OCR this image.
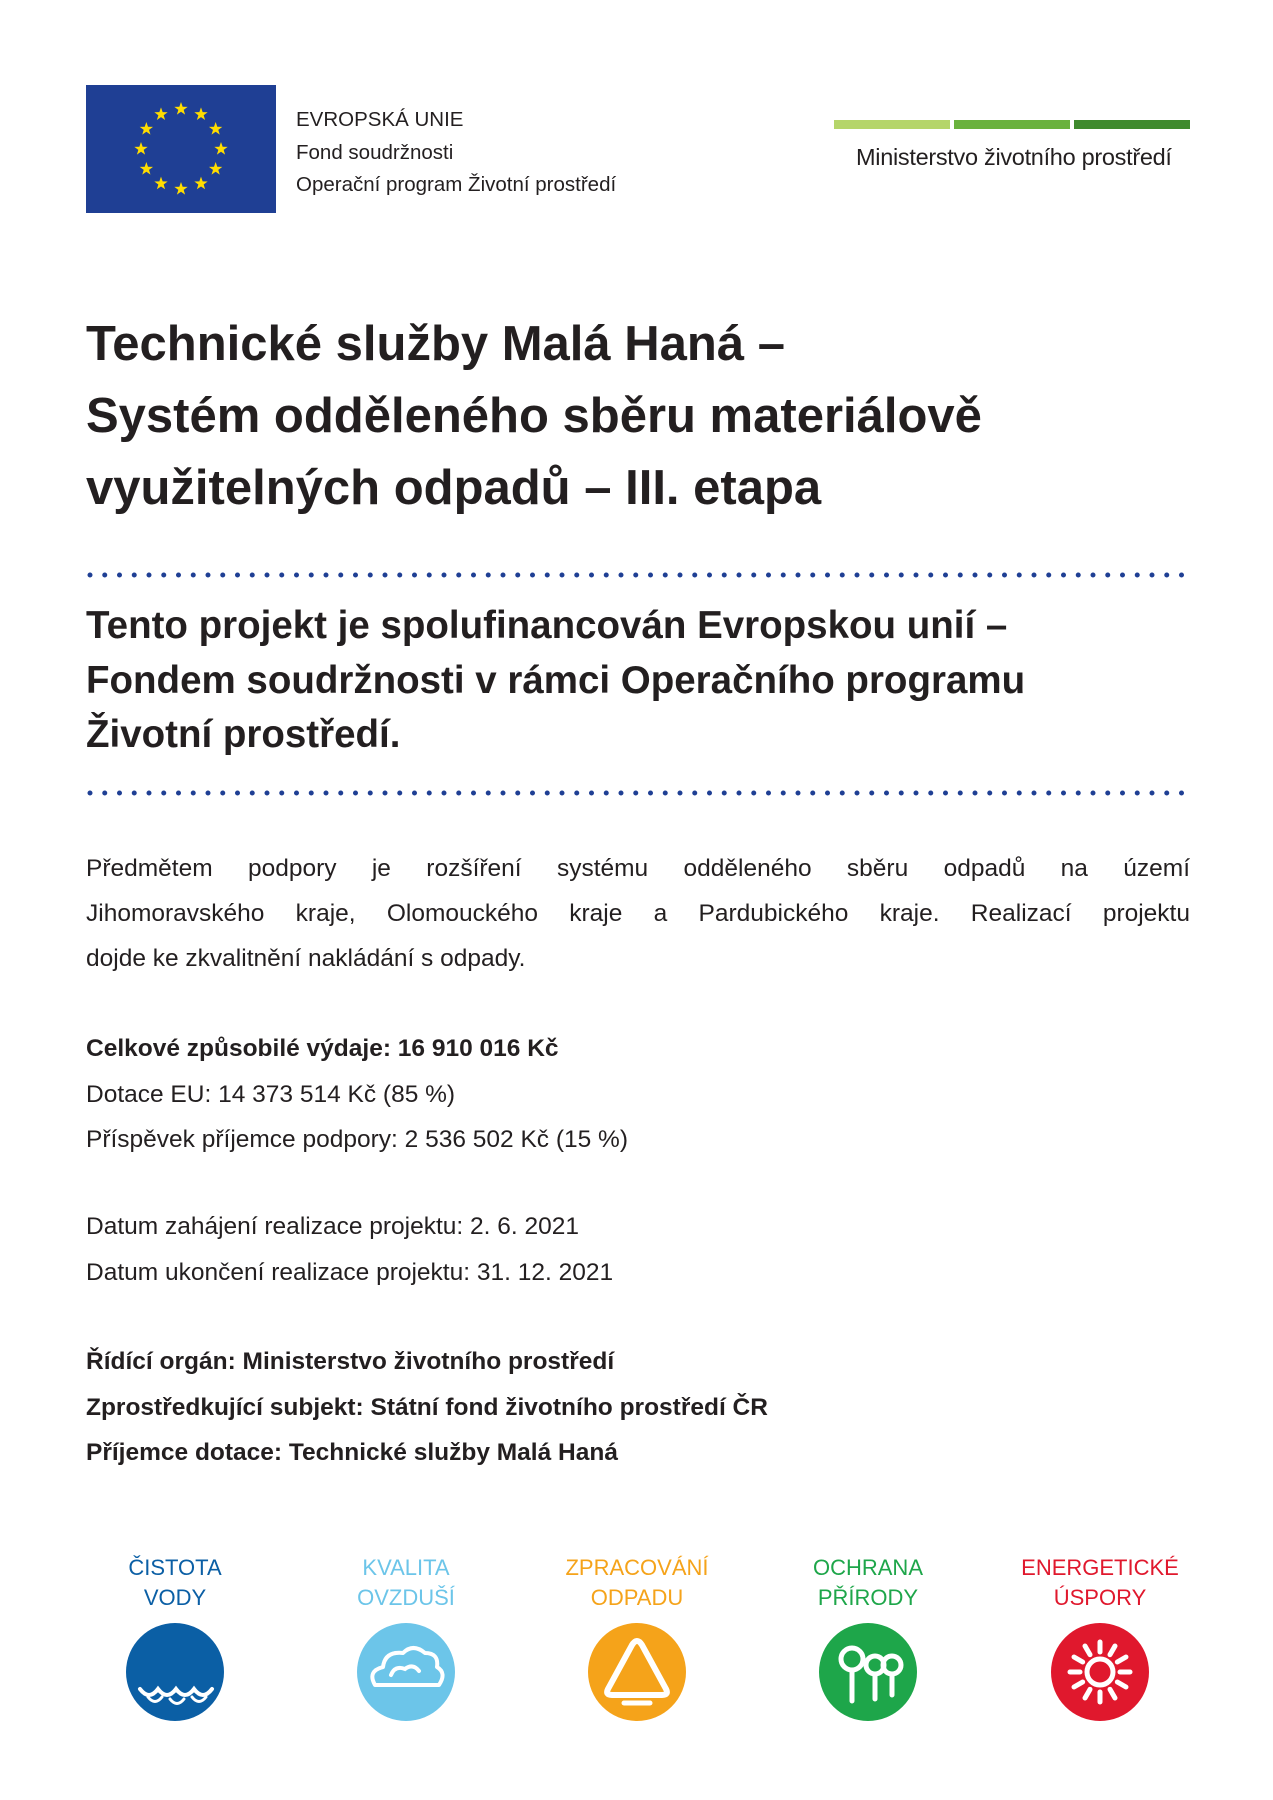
EVROPSKÁ UNIE
Fond soudržnosti
Operační program Životní prostředí
Ministerstvo životního prostředí
Technické služby Malá Haná –
Systém odděleného sběru materiálově
využitelných odpadů – III. etapa
Tento projekt je spolufinancován Evropskou unií –
Fondem soudržnosti v rámci Operačního programu
Životní prostředí.
Předmětem podpory je rozšíření systému odděleného sběru odpadů na území
Jihomoravského kraje, Olomouckého kraje a Pardubického kraje. Realizací projektu
dojde ke zkvalitnění nakládání s odpady.
Celkové způsobilé výdaje: 16 910 016 Kč
Dotace EU: 14 373 514 Kč (85 %)
Příspěvek příjemce podpory: 2 536 502 Kč (15 %)
Datum zahájení realizace projektu: 2. 6. 2021
Datum ukončení realizace projektu: 31. 12. 2021
Řídící orgán: Ministerstvo životního prostředí
Zprostředkující subjekt: Státní fond životního prostředí ČR
Příjemce dotace: Technické služby Malá Haná
ČISTOTA
VODY
KVALITA
OVZDUŠÍ
ZPRACOVÁNÍ
ODPADU
OCHRANA
PŘÍRODY
ENERGETICKÉ
ÚSPORY
